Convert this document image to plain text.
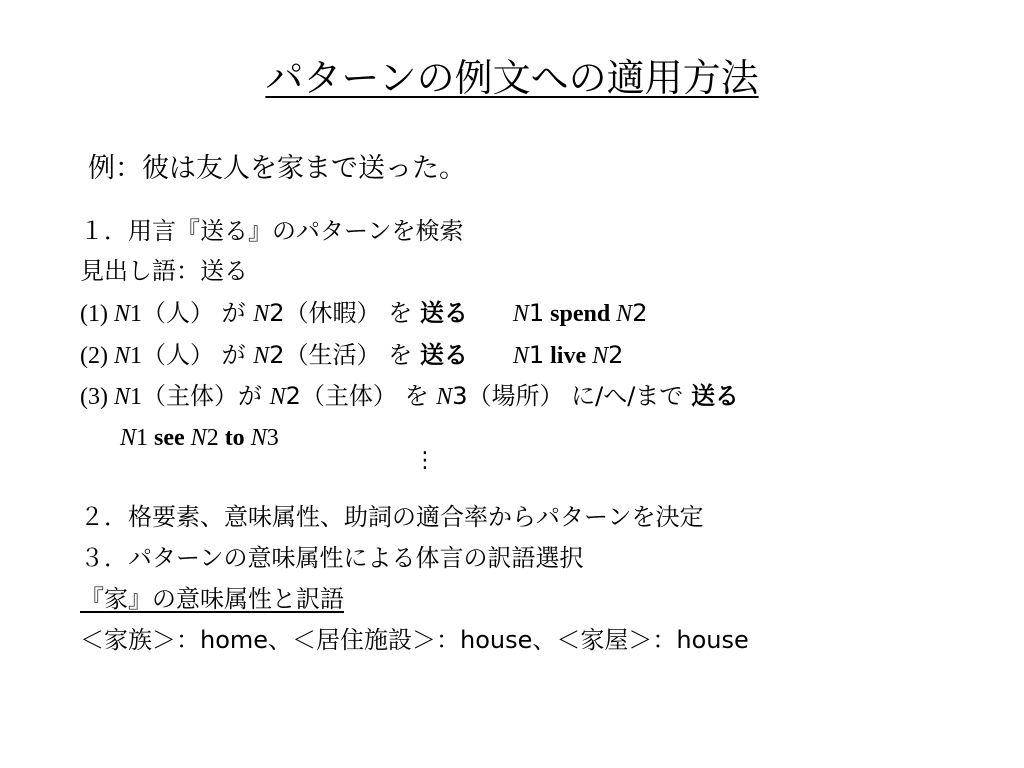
パターンの例文への適用方法
例：彼は友人を家まで送った。
１．用言『送る』のパターンを検索
見出し語：送る
(1) N1（人） が N2（休暇） を 送る N1 spend N2
(2) N1（人） が N2（生活） を 送る N1 live N2
(3) N1（主体）が N2（主体） を N3（場所） に/へ/まで 送る
N1 see N2 to N3
⋮
２．格要素、意味属性、助詞の適合率からパターンを決定
３．パターンの意味属性による体言の訳語選択
『家』の意味属性と訳語
＜家族＞：home、＜居住施設＞：house、＜家屋＞：house
